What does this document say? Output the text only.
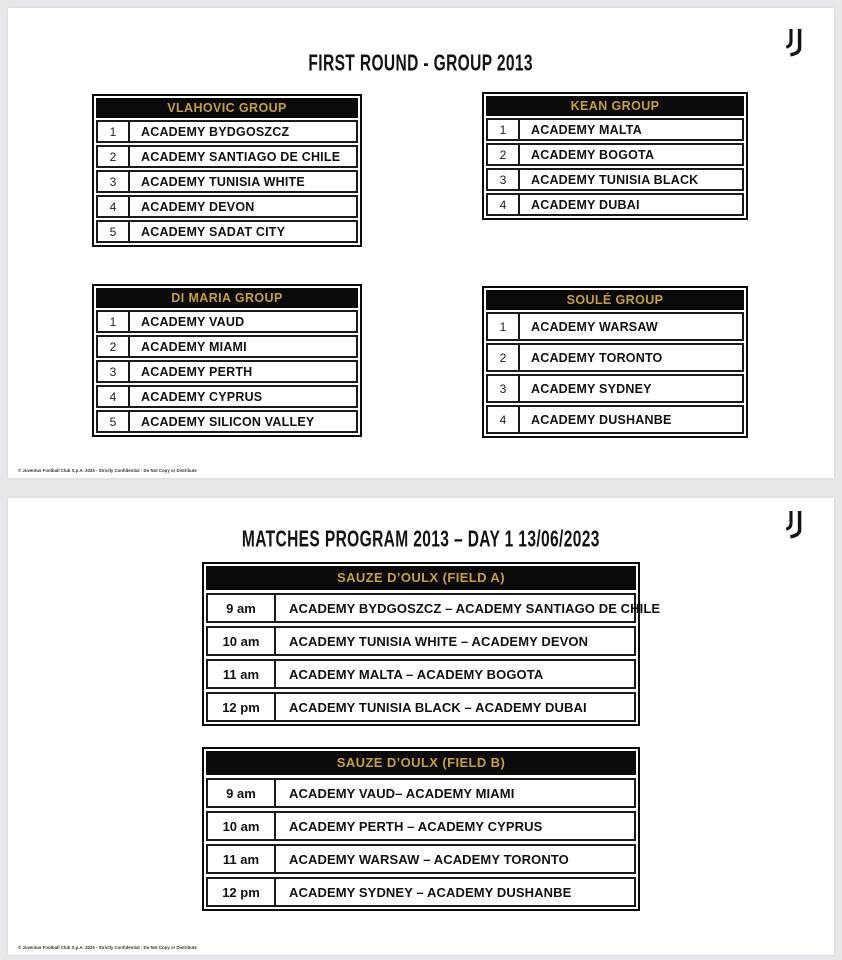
FIRST ROUND - GROUP 2013
VLAHOVIC GROUP
1	ACADEMY BYDGOSZCZ
2	ACADEMY SANTIAGO DE CHILE
3	ACADEMY TUNISIA WHITE
4	ACADEMY DEVON
5	ACADEMY SADAT CITY
KEAN GROUP
1	ACADEMY MALTA
2	ACADEMY BOGOTA
3	ACADEMY TUNISIA BLACK
4	ACADEMY DUBAI
DI MARIA GROUP
1	ACADEMY VAUD
2	ACADEMY MIAMI
3	ACADEMY PERTH
4	ACADEMY CYPRUS
5	ACADEMY SILICON VALLEY
SOULÉ GROUP
1	ACADEMY WARSAW
2	ACADEMY TORONTO
3	ACADEMY SYDNEY
4	ACADEMY DUSHANBE
© Juventus Football Club S.p.A. 2025 - Strictly Confidential - Do Not Copy or Distribute
MATCHES PROGRAM 2013 – DAY 1 13/06/2023
SAUZE D’OULX (FIELD A)
9 am	ACADEMY BYDGOSZCZ – ACADEMY SANTIAGO DE CHILE
10 am	ACADEMY TUNISIA WHITE – ACADEMY DEVON
11 am	ACADEMY MALTA – ACADEMY BOGOTA
12 pm	ACADEMY TUNISIA BLACK – ACADEMY DUBAI
SAUZE D’OULX (FIELD B)
9 am	ACADEMY VAUD– ACADEMY MIAMI
10 am	ACADEMY PERTH – ACADEMY CYPRUS
11 am	ACADEMY WARSAW – ACADEMY TORONTO
12 pm	ACADEMY SYDNEY – ACADEMY DUSHANBE
© Juventus Football Club S.p.A. 2025 - Strictly Confidential - Do Not Copy or Distribute
